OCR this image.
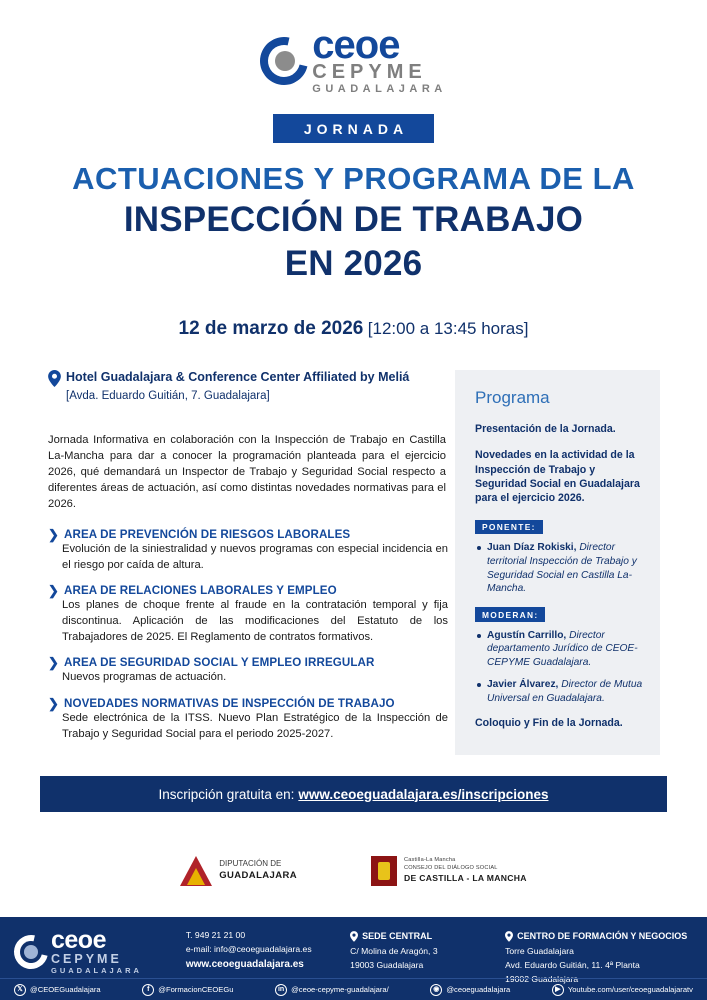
ceoe
CEPYME
GUADALAJARA
JORNADA
ACTUACIONES Y PROGRAMA DE LA
INSPECCIÓN DE TRABAJO
EN 2026
12 de marzo de 2026 [12:00 a 13:45 horas]
Hotel Guadalajara & Conference Center Affiliated by Meliá
[Avda. Eduardo Guitián, 7. Guadalajara]
Jornada Informativa en colaboración con la Inspección de Trabajo en Castilla La-Mancha para dar a conocer la programación planteada para el ejercicio 2026, qué demandará un Inspector de Trabajo y Seguridad Social respecto a diferentes áreas de actuación, así como distintas novedades normativas para el 2026.
❯ AREA DE PREVENCIÓN DE RIESGOS LABORALES
Evolución de la siniestralidad y nuevos programas con especial incidencia en el riesgo por caída de altura.
❯ AREA DE RELACIONES LABORALES Y EMPLEO
Los planes de choque frente al fraude en la contratación temporal y fija discontinua. Aplicación de las modificaciones del Estatuto de los Trabajadores de 2025. El Reglamento de contratos formativos.
❯ AREA DE SEGURIDAD SOCIAL Y EMPLEO IRREGULAR
Nuevos programas de actuación.
❯ NOVEDADES NORMATIVAS DE INSPECCIÓN DE TRABAJO
Sede electrónica de la ITSS. Nuevo Plan Estratégico de la Inspección de Trabajo y Seguridad Social para el periodo 2025-2027.
Programa
Presentación de la Jornada.
Novedades en la actividad de la Inspección de Trabajo y Seguridad Social en Guadalajara para el ejercicio 2026.
PONENTE:
Juan Díaz Rokiski, Director territorial Inspección de Trabajo y Seguridad Social en Castilla La-Mancha.
MODERAN:
Agustín Carrillo, Director departamento Jurídico de CEOE-CEPYME Guadalajara.
Javier Álvarez, Director de Mutua Universal en Guadalajara.
Coloquio y Fin de la Jornada.
Inscripción gratuita en: www.ceoeguadalajara.es/inscripciones
DIPUTACIÓN DE
GUADALAJARA
Castilla-La Mancha
CONSEJO DEL DIÁLOGO SOCIAL
DE CASTILLA - LA MANCHA
ceoe
CEPYME
GUADALAJARA
T. 949 21 21 00
e-mail: info@ceoeguadalajara.es
www.ceoeguadalajara.es
SEDE CENTRAL
C/ Molina de Aragón, 3
19003 Guadalajara
CENTRO DE FORMACIÓN Y NEGOCIOS
Torre Guadalajara
Avd. Eduardo Guitián, 11. 4ª Planta
19002 Guadalajara
𝕏 @CEOEGuadalajara	f	@FormacionCEOEGu	in @ceoe-cepyme-guadalajara/	◉ @ceoeguadalajara	▶ Youtube.com/user/ceoeguadalajaratv
